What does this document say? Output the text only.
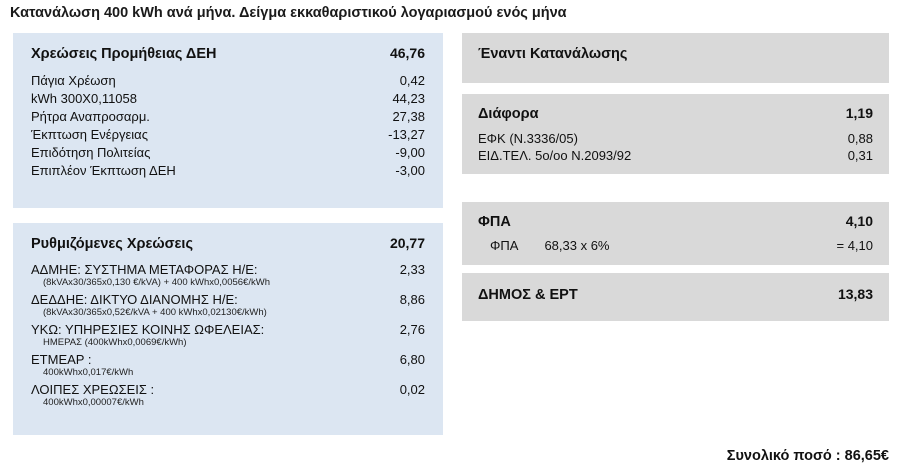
Κατανάλωση 400 kWh ανά μήνα. Δείγμα εκκαθαριστικού λογαριασμού ενός μήνα
Χρεώσεις Προμήθειας ΔΕΗ	46,76
Πάγια Χρέωση	0,42
kWh 300X0,11058	44,23
Ρήτρα Αναπροσαρμ.	27,38
Έκπτωση Ενέργειας	-13,27
Επιδότηση Πολιτείας	-9,00
Επιπλέον Έκπτωση ΔΕΗ	-3,00
Ρυθμιζόμενες Χρεώσεις	20,77
ΑΔΜΗΕ: ΣΥΣΤΗΜΑ ΜΕΤΑΦΟΡΑΣ Η/Ε:	2,33
(8kVAx30/365x0,130 €/kVA) + 400 kWhx0,0056€/kWh
ΔΕΔΔΗΕ: ΔΙΚΤΥΟ ΔΙΑΝΟΜΗΣ Η/Ε:	8,86
(8kVAx30/365x0,52€/kVA + 400 kWhx0,02130€/kWh)
ΥΚΩ: ΥΠΗΡΕΣΙΕΣ ΚΟΙΝΗΣ ΩΦΕΛΕΙΑΣ:	2,76
ΗΜΕΡΑΣ (400kWhx0,0069€/kWh)
ΕΤΜΕΑΡ :	6,80
400kWhx0,017€/kWh
ΛΟΙΠΕΣ ΧΡΕΩΣΕΙΣ :	0,02
400kWhx0,00007€/kWh
Έναντι Κατανάλωσης
Διάφορα	1,19
ΕΦΚ (Ν.3336/05)	0,88
ΕΙΔ.ΤΕΛ. 5ο/οο Ν.2093/92	0,31
ΦΠΑ	4,10
ΦΠΑ 68,33 x 6%	= 4,10
ΔΗΜΟΣ & ΕΡΤ	13,83
Συνολικό ποσό : 86,65€
